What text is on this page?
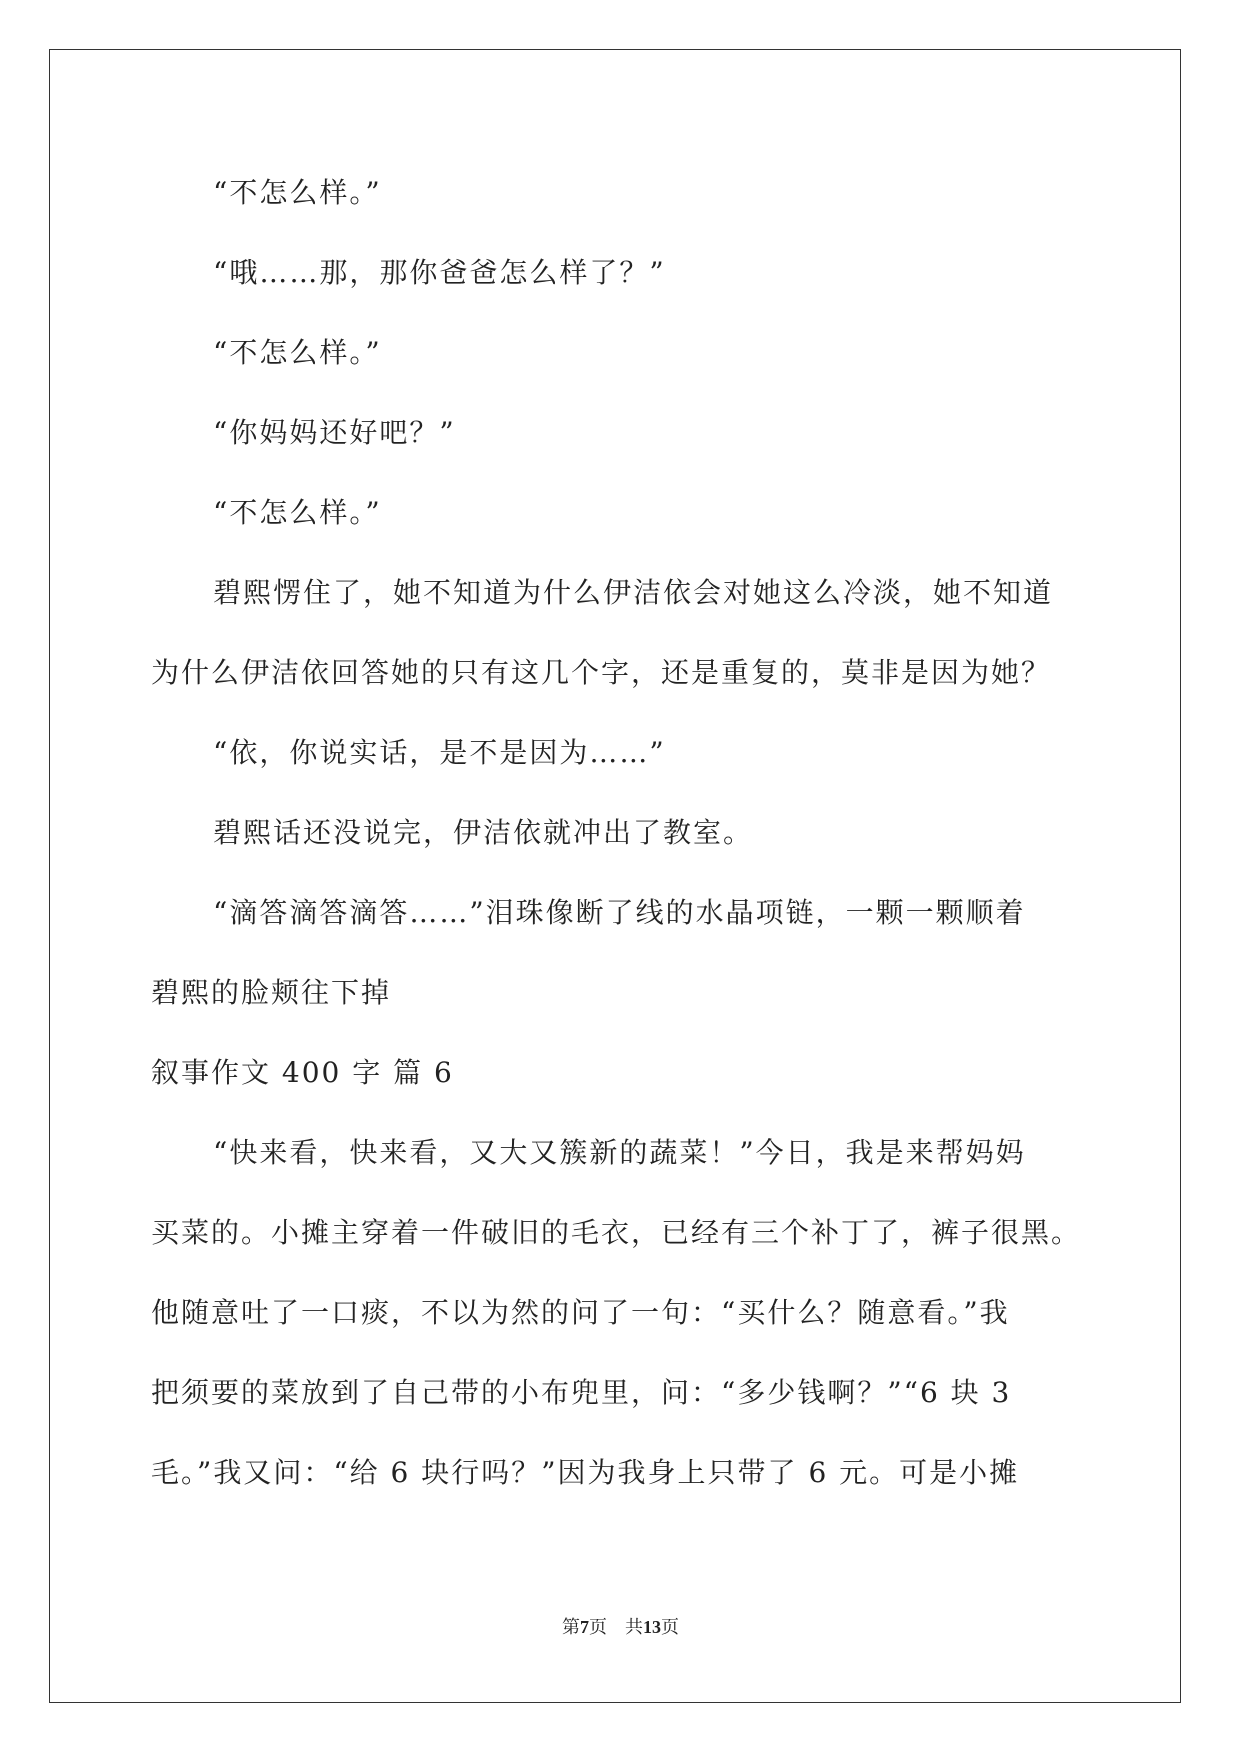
“不怎么样。”
“哦……那，那你爸爸怎么样了？”
“不怎么样。”
“你妈妈还好吧？”
“不怎么样。”
碧熙愣住了，她不知道为什么伊洁依会对她这么冷淡，她不知道
为什么伊洁依回答她的只有这几个字，还是重复的，莫非是因为她？
“依，你说实话，是不是因为……”
碧熙话还没说完，伊洁依就冲出了教室。
“滴答滴答滴答……”泪珠像断了线的水晶项链，一颗一颗顺着
碧熙的脸颊往下掉
叙事作文 400 字 篇 6
“快来看，快来看，又大又簇新的蔬菜！”今日，我是来帮妈妈
买菜的。小摊主穿着一件破旧的毛衣，已经有三个补丁了，裤子很黑。
他随意吐了一口痰，不以为然的问了一句：“买什么？随意看。”我
把须要的菜放到了自己带的小布兜里，问：“多少钱啊？”“6 块 3
毛。”我又问：“给 6 块行吗？”因为我身上只带了 6 元。可是小摊
第7页 共13页
